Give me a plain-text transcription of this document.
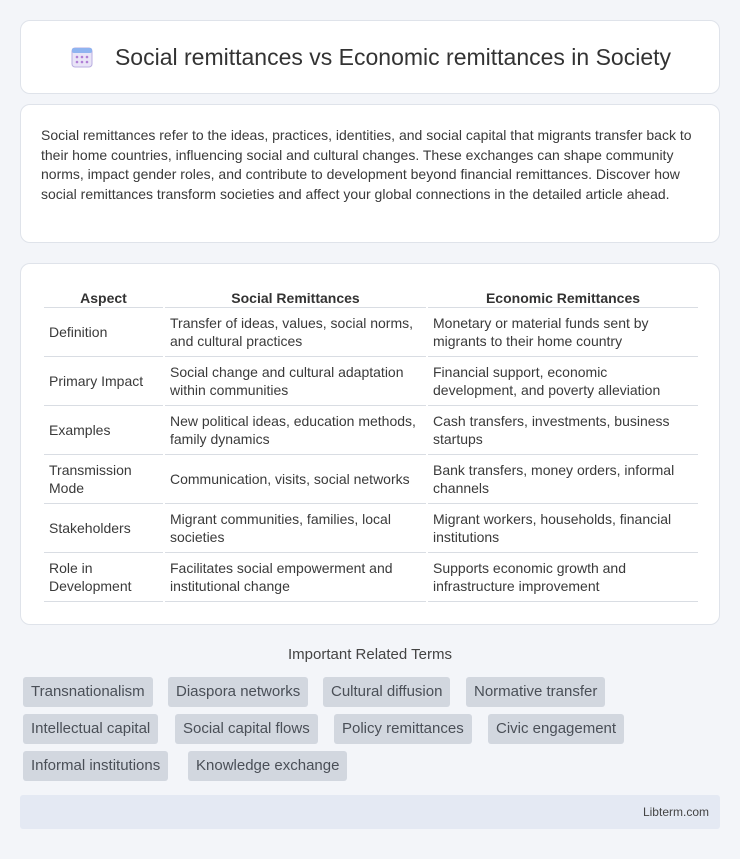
Social remittances vs Economic remittances in Society

Social remittances refer to the ideas, practices, identities, and social capital that migrants transfer back to their home countries, influencing social and cultural changes. These exchanges can shape community norms, impact gender roles, and contribute to development beyond financial remittances. Discover how social remittances transform societies and affect your global connections in the detailed article ahead.

Aspect	Social Remittances	Economic Remittances
Definition	Transfer of ideas, values, social norms, and cultural practices	Monetary or material funds sent by migrants to their home country
Primary Impact	Social change and cultural adaptation within communities	Financial support, economic development, and poverty alleviation
Examples	New political ideas, education methods, family dynamics	Cash transfers, investments, business startups
Transmission Mode	Communication, visits, social networks	Bank transfers, money orders, informal channels
Stakeholders	Migrant communities, families, local societies	Migrant workers, households, financial institutions
Role in Development	Facilitates social empowerment and institutional change	Supports economic growth and infrastructure improvement
Important Related Terms
Transnationalism	Diaspora networks	Cultural diffusion	Normative transfer
Intellectual capital	Social capital flows	Policy remittances	Civic engagement
Informal institutions	Knowledge exchange
Libterm.com
